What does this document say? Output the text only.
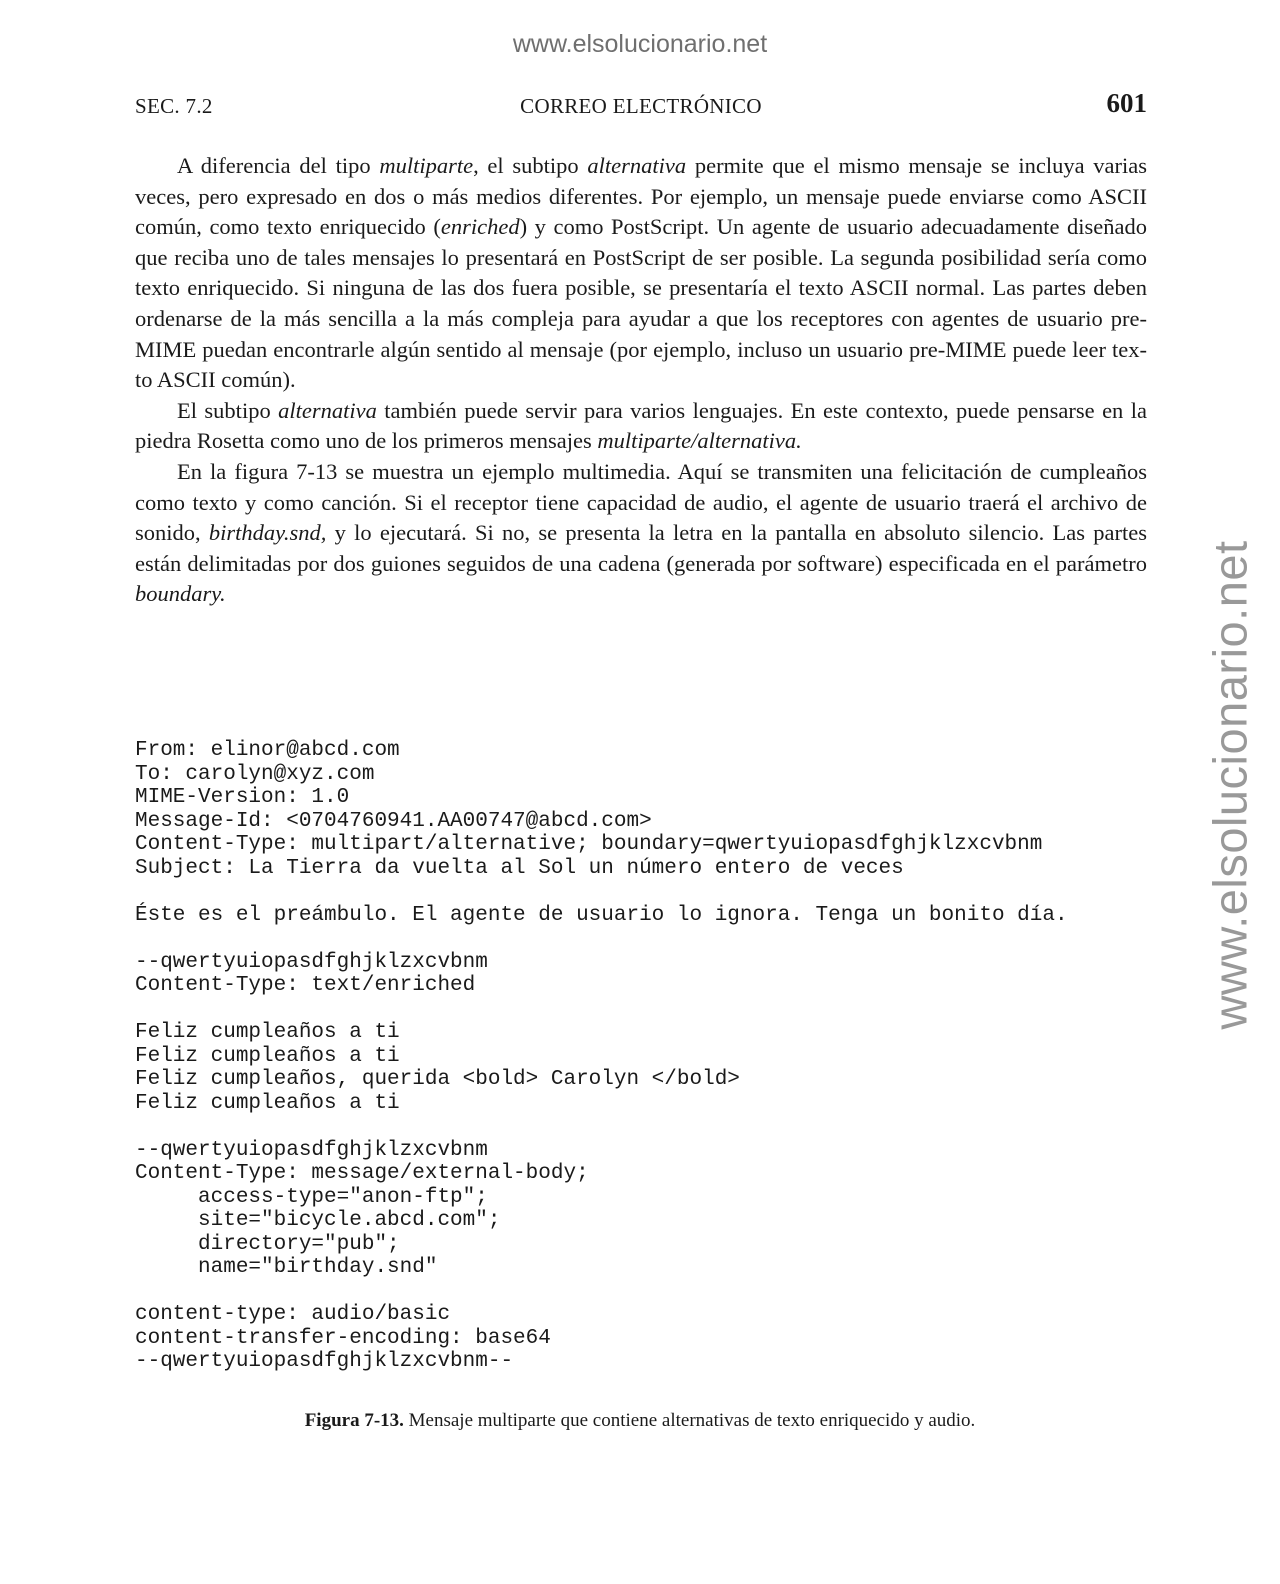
www.elsolucionario.net
www.elsolucionario.net
SEC. 7.2	CORREO ELECTRÓNICO	601

A diferencia del tipo multiparte, el subtipo alternativa permite que el mismo mensaje se incluya varias veces, pero expresado en dos o más medios diferentes. Por ejemplo, un mensaje puede enviarse como ASCII común, como texto enriquecido (enriched) y como PostScript. Un agente de usuario adecuadamente diseñado que reciba uno de tales mensajes lo presentará en PostScript de ser posible. La segunda posibilidad sería como texto enriquecido. Si ninguna de las dos fuera posible, se presentaría el texto ASCII normal. Las partes deben ordenarse de la más sencilla a la más compleja para ayudar a que los receptores con agentes de usuario pre-MIME puedan encontrarle algún sentido al mensaje (por ejemplo, incluso un usuario pre-MIME puede leer texto ASCII común).

El subtipo alternativa también puede servir para varios lenguajes. En este contexto, puede pensarse en la piedra Rosetta como uno de los primeros mensajes multiparte/alternativa.

En la figura 7-13 se muestra un ejemplo multimedia. Aquí se transmiten una felicitación de cumpleaños como texto y como canción. Si el receptor tiene capacidad de audio, el agente de usuario traerá el archivo de sonido, birthday.snd, y lo ejecutará. Si no, se presenta la letra en la pantalla en absoluto silencio. Las partes están delimitadas por dos guiones seguidos de una cadena (generada por software) especificada en el parámetro boundary.

From: elinor@abcd.com
To: carolyn@xyz.com
MIME-Version: 1.0
Message-Id: <0704760941.AA00747@abcd.com>
Content-Type: multipart/alternative; boundary=qwertyuiopasdfghjklzxcvbnm
Subject: La Tierra da vuelta al Sol un número entero de veces
Éste es el preámbulo. El agente de usuario lo ignora. Tenga un bonito día.
--qwertyuiopasdfghjklzxcvbnm
Content-Type: text/enriched
Feliz cumpleaños a ti
Feliz cumpleaños a ti
Feliz cumpleaños, querida <bold> Carolyn </bold>
Feliz cumpleaños a ti
--qwertyuiopasdfghjklzxcvbnm
Content-Type: message/external-body;
access-type="anon-ftp";
site="bicycle.abcd.com";
directory="pub";
name="birthday.snd"
content-type: audio/basic
content-transfer-encoding: base64
--qwertyuiopasdfghjklzxcvbnm--
Figura 7-13. Mensaje multiparte que contiene alternativas de texto enriquecido y audio.
